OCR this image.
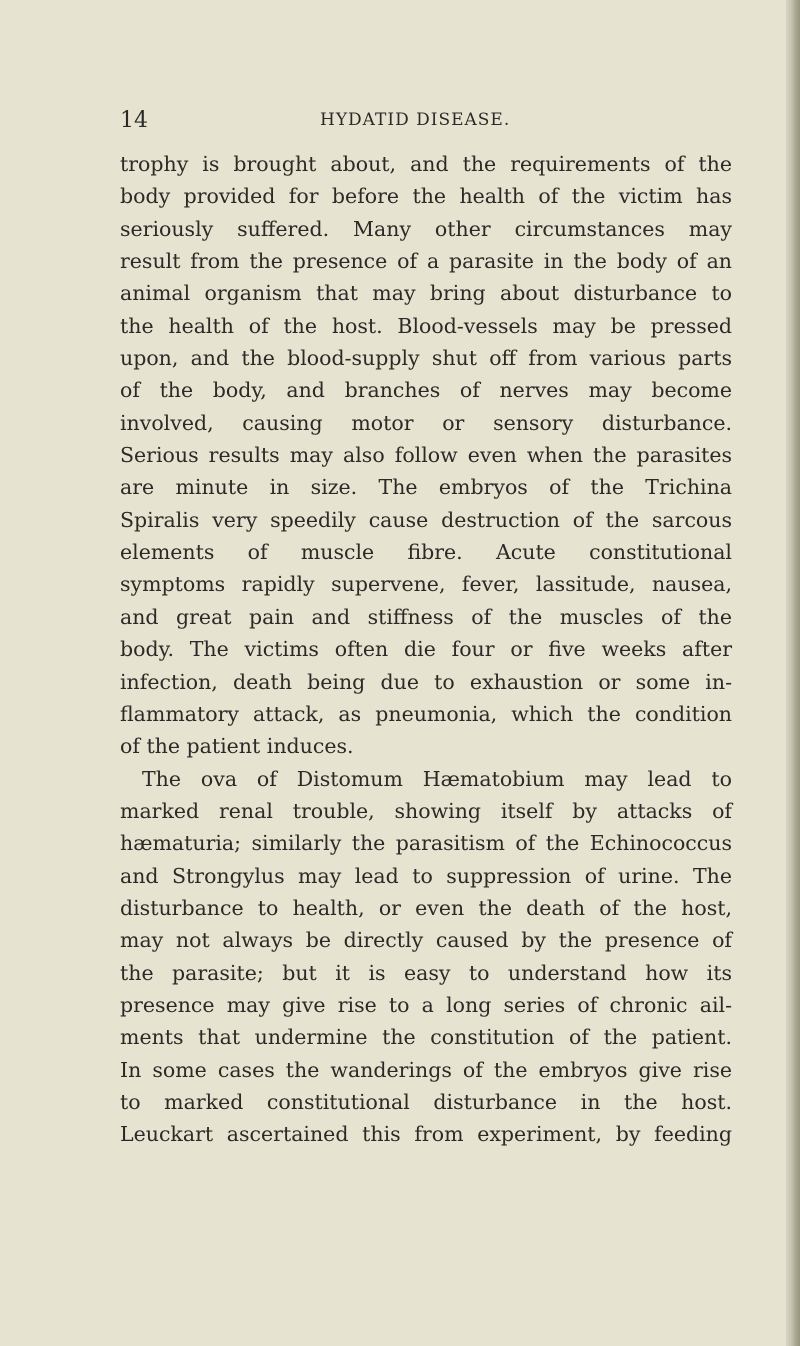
14	HYDATID DISEASE.
trophy is brought about, and the requirements of the
body provided for before the health of the victim has
seriously suffered. Many other circumstances may
result from the presence of a parasite in the body of an
animal organism that may bring about disturbance to
the health of the host. Blood-vessels may be pressed
upon, and the blood-supply shut off from various parts
of the body, and branches of nerves may become
involved, causing motor or sensory disturbance.
Serious results may also follow even when the parasites
are minute in size. The embryos of the Trichina
Spiralis very speedily cause destruction of the sarcous
elements of muscle fibre. Acute constitutional
symptoms rapidly supervene, fever, lassitude, nausea,
and great pain and stiffness of the muscles of the
body. The victims often die four or five weeks after
infection, death being due to exhaustion or some in-
flammatory attack, as pneumonia, which the condition
of the patient induces.
The ova of Distomum Hæmatobium may lead to
marked renal trouble, showing itself by attacks of
hæmaturia; similarly the parasitism of the Echinococcus
and Strongylus may lead to suppression of urine. The
disturbance to health, or even the death of the host,
may not always be directly caused by the presence of
the parasite; but it is easy to understand how its
presence may give rise to a long series of chronic ail-
ments that undermine the constitution of the patient.
In some cases the wanderings of the embryos give rise
to marked constitutional disturbance in the host.
Leuckart ascertained this from experiment, by feeding
